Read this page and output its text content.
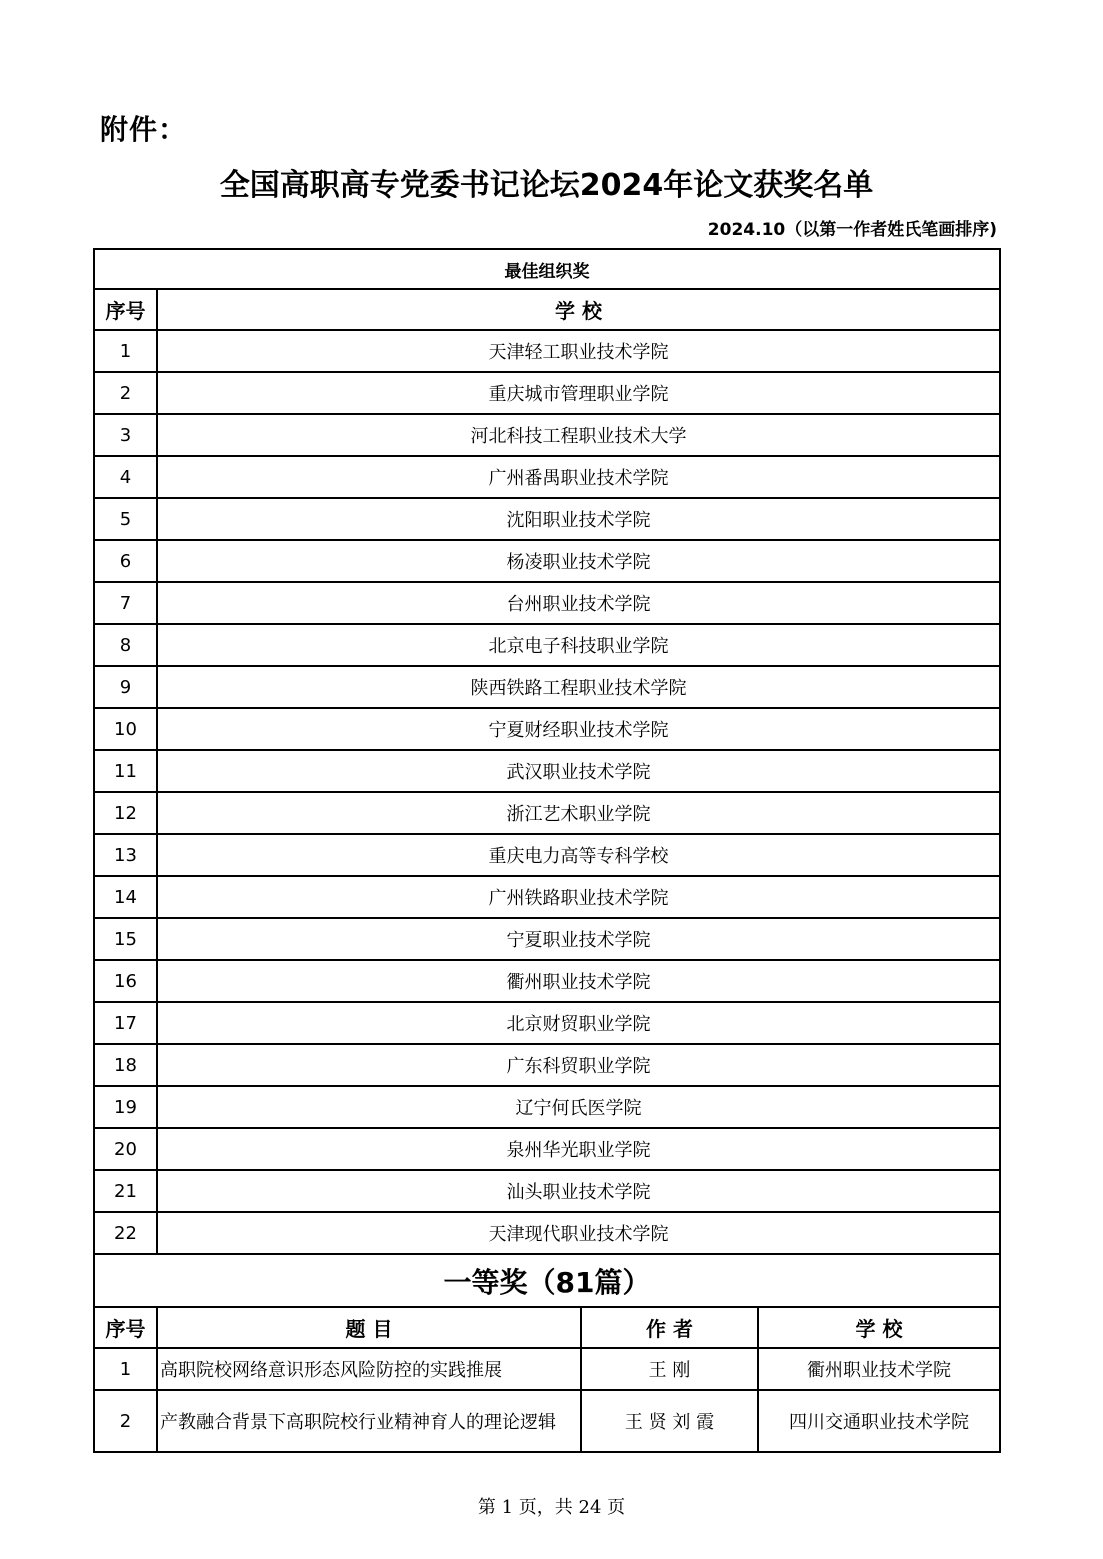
附件：
全国高职高专党委书记论坛2024年论文获奖名单
2024.10（以第一作者姓氏笔画排序)
最佳组织奖			
序号	学 校		
1	天津轻工职业技术学院		
2	重庆城市管理职业学院		
3	河北科技工程职业技术大学		
4	广州番禺职业技术学院		
5	沈阳职业技术学院		
6	杨凌职业技术学院		
7	台州职业技术学院		
8	北京电子科技职业学院		
9	陕西铁路工程职业技术学院		
10	宁夏财经职业技术学院		
11	武汉职业技术学院		
12	浙江艺术职业学院		
13	重庆电力高等专科学校		
14	广州铁路职业技术学院		
15	宁夏职业技术学院		
16	衢州职业技术学院		
17	北京财贸职业学院		
18	广东科贸职业学院		
19	辽宁何氏医学院		
20	泉州华光职业学院		
21	汕头职业技术学院		
22	天津现代职业技术学院		
一等奖（81篇）			
序号	题 目	作 者	学 校
1	高职院校网络意识形态风险防控的实践推展	王 刚	衢州职业技术学院
2	产教融合背景下高职院校行业精神育人的理论逻辑	王 贤 刘 霞	四川交通职业技术学院
第 1 页，共 24 页
